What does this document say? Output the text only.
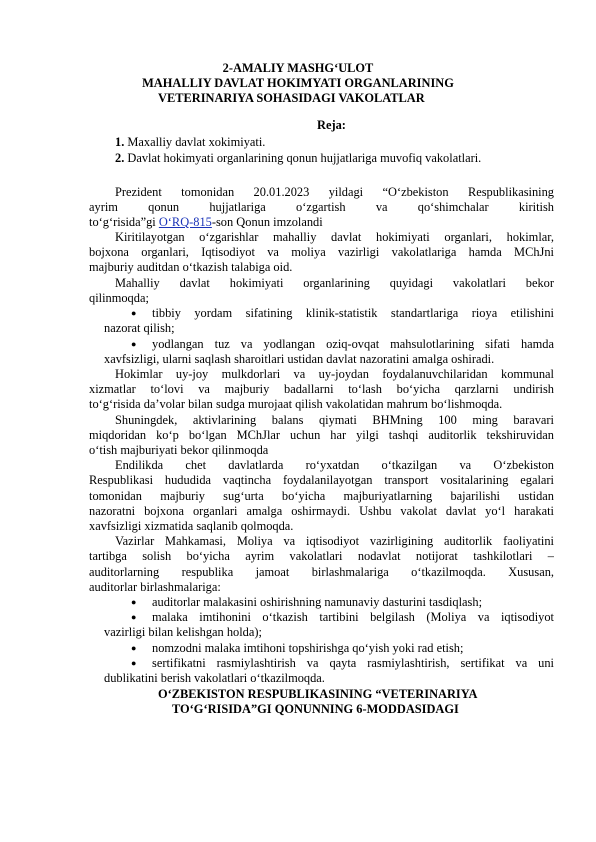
2-AMALIY MASHG‘ULOT
MAHALLIY DAVLAT HOKIMYATI ORGANLARINING
VETERINARIYA SOHASIDAGI VAKOLATLAR
Reja:
1. Maxalliy davlat xokimiyati.
2. Davlat hokimyati organlarining qonun hujjatlariga muvofiq vakolatlari.
Prezident tomonidan 20.01.2023 yildagi “O‘zbekiston Respublikasining
ayrim qonun hujjatlariga o‘zgartish va qo‘shimchalar kiritish
to‘g‘risida”gi O‘RQ-815-son Qonun imzolandi
Kiritilayotgan o‘zgarishlar mahalliy davlat hokimiyati organlari, hokimlar,
bojxona organlari, Iqtisodiyot va moliya vazirligi vakolatlariga hamda MChJni
majburiy auditdan o‘tkazish talabiga oid.
Mahalliy davlat hokimiyati organlarining quyidagi vakolatlari bekor
qilinmoqda;
● tibbiy yordam sifatining klinik-statistik standartlariga rioya etilishini
nazorat qilish;
● yodlangan tuz va yodlangan oziq-ovqat mahsulotlarining sifati hamda
xavfsizligi, ularni saqlash sharoitlari ustidan davlat nazoratini amalga oshiradi.
Hokimlar uy-joy mulkdorlari va uy-joydan foydalanuvchilaridan kommunal
xizmatlar to‘lovi va majburiy badallarni to‘lash bo‘yicha qarzlarni undirish
to‘g‘risida da’volar bilan sudga murojaat qilish vakolatidan mahrum bo‘lishmoqda.
Shuningdek, aktivlarining balans qiymati BHMning 100 ming baravari
miqdoridan ko‘p bo‘lgan MChJlar uchun har yilgi tashqi auditorlik tekshiruvidan
o‘tish majburiyati bekor qilinmoqda
Endilikda chet davlatlarda ro‘yxatdan o‘tkazilgan va O‘zbekiston
Respublikasi hududida vaqtincha foydalanilayotgan transport vositalarining egalari
tomonidan majburiy sug‘urta bo‘yicha majburiyatlarning bajarilishi ustidan
nazoratni bojxona organlari amalga oshirmaydi. Ushbu vakolat davlat yo‘l harakati
xavfsizligi xizmatida saqlanib qolmoqda.
Vazirlar Mahkamasi, Moliya va iqtisodiyot vazirligining auditorlik faoliyatini
tartibga solish bo‘yicha ayrim vakolatlari nodavlat notijorat tashkilotlari –
auditorlarning respublika jamoat birlashmalariga o‘tkazilmoqda. Xususan,
auditorlar birlashmalariga:
● auditorlar malakasini oshirishning namunaviy dasturini tasdiqlash;
● malaka imtihonini o‘tkazish tartibini belgilash (Moliya va iqtisodiyot
vazirligi bilan kelishgan holda);
● nomzodni malaka imtihoni topshirishga qo‘yish yoki rad etish;
● sertifikatni rasmiylashtirish va qayta rasmiylashtirish, sertifikat va uni
dublikatini berish vakolatlari o‘tkazilmoqda.
O‘ZBEKISTON RESPUBLIKASINING “VETERINARIYA
TO‘G‘RISIDA”GI QONUNNING 6-MODDASIDAGI
